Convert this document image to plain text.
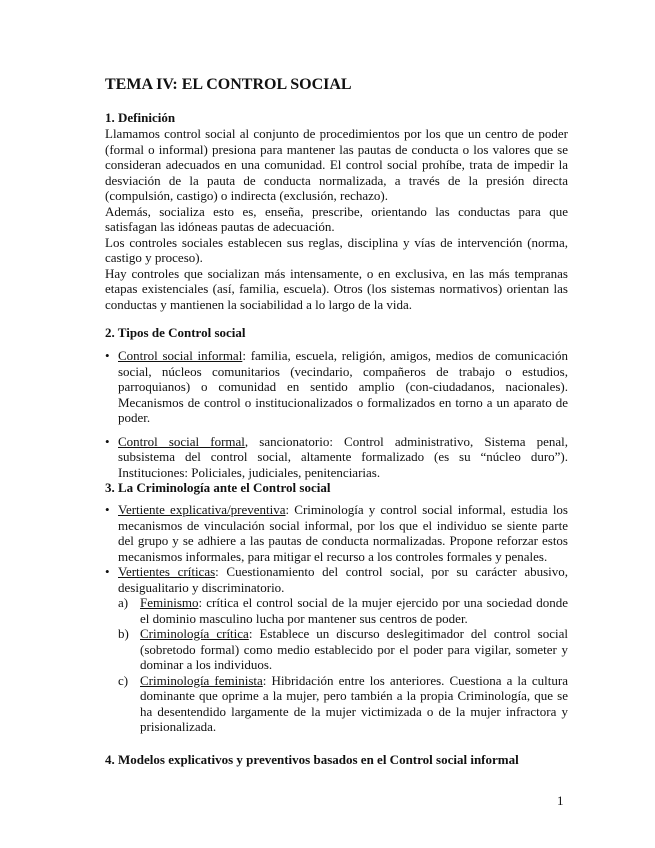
TEMA IV: EL CONTROL SOCIAL
1. Definición

Llamamos control social al conjunto de procedimientos por los que un centro de poder (formal o informal) presiona para mantener las pautas de conducta o los valores que se consideran adecuados en una comunidad. El control social prohíbe, trata de impedir la desviación de la pauta de conducta normalizada, a través de la presión directa (compulsión, castigo) o indirecta (exclusión, rechazo).

Además, socializa esto es, enseña, prescribe, orientando las conductas para que satisfagan las idóneas pautas de adecuación.

Los controles sociales establecen sus reglas, disciplina y vías de intervención (norma, castigo y proceso).

Hay controles que socializan más intensamente, o en exclusiva, en las más tempranas etapas existenciales (así, familia, escuela). Otros (los sistemas normativos) orientan las conductas y mantienen la sociabilidad a lo largo de la vida.

2. Tipos de Control social

• Control social informal: familia, escuela, religión, amigos, medios de comunicación social, núcleos comunitarios (vecindario, compañeros de trabajo o estudios, parroquianos) o comunidad en sentido amplio (con-ciudadanos, nacionales). Mecanismos de control o institucionalizados o formalizados en torno a un aparato de poder.

• Control social formal, sancionatorio: Control administrativo, Sistema penal, subsistema del control social, altamente formalizado (es su “núcleo duro”). Instituciones: Policiales, judiciales, penitenciarias.

3. La Criminología ante el Control social

• Vertiente explicativa/preventiva: Criminología y control social informal, estudia los mecanismos de vinculación social informal, por los que el individuo se siente parte del grupo y se adhiere a las pautas de conducta normalizadas. Propone reforzar estos mecanismos informales, para mitigar el recurso a los controles formales y penales.

• Vertientes críticas: Cuestionamiento del control social, por su carácter abusivo, desigualitario y discriminatorio.

a) Feminismo: crítica el control social de la mujer ejercido por una sociedad donde el dominio masculino lucha por mantener sus centros de poder.

b) Criminología crítica: Establece un discurso deslegitimador del control social (sobretodo formal) como medio establecido por el poder para vigilar, someter y dominar a los individuos.

c) Criminología feminista: Hibridación entre los anteriores. Cuestiona a la cultura dominante que oprime a la mujer, pero también a la propia Criminología, que se ha desentendido largamente de la mujer victimizada o de la mujer infractora y prisionalizada.

4. Modelos explicativos y preventivos basados en el Control social informal
1
